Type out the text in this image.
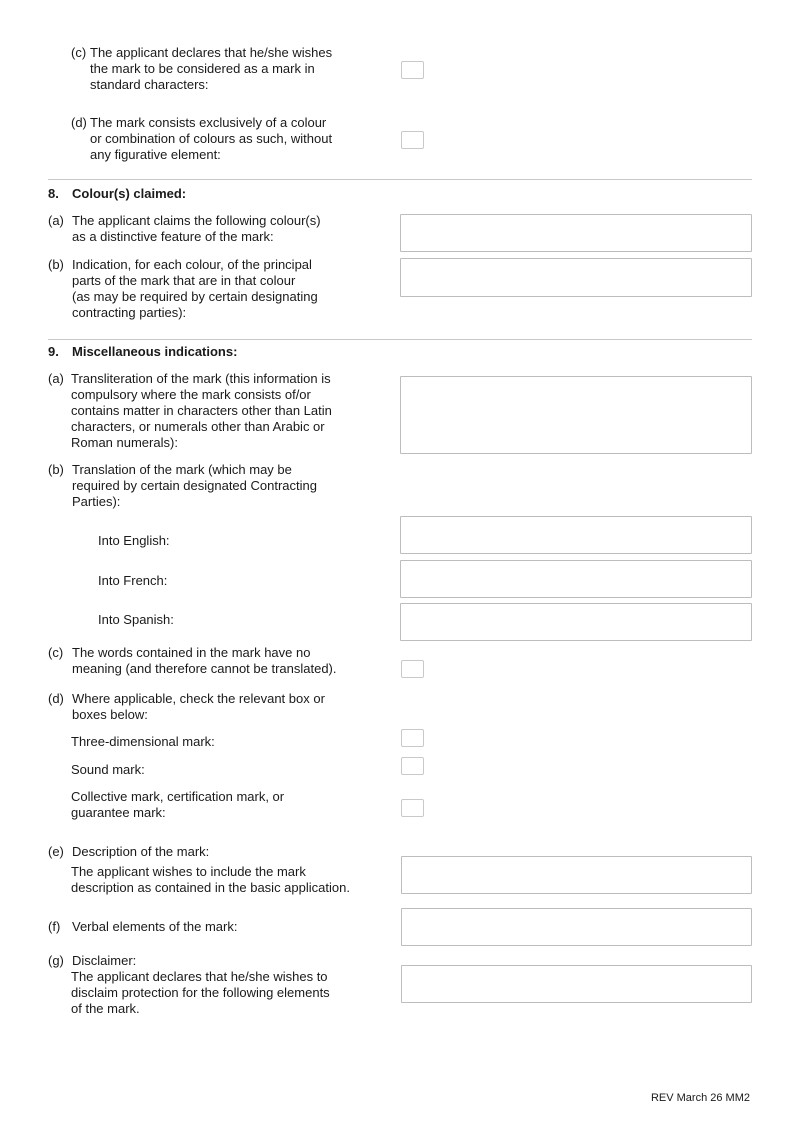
(c) The applicant declares that he/she wishes
the mark to be considered as a mark in
standard characters:
(d) The mark consists exclusively of a colour
or combination of colours as such, without
any figurative element:
8. Colour(s) claimed:
(a) The applicant claims the following colour(s)
as a distinctive feature of the mark:
(b) Indication, for each colour, of the principal
parts of the mark that are in that colour
(as may be required by certain designating
contracting parties):
9. Miscellaneous indications:
(a) Transliteration of the mark (this information is
compulsory where the mark consists of/or
contains matter in characters other than Latin
characters, or numerals other than Arabic or
Roman numerals):
(b) Translation of the mark (which may be
required by certain designated Contracting
Parties):
Into English:
Into French:
Into Spanish:
(c) The words contained in the mark have no
meaning (and therefore cannot be translated).
(d) Where applicable, check the relevant box or
boxes below:
Three-dimensional mark:
Sound mark:
Collective mark, certification mark, or
guarantee mark:
(e) Description of the mark:
The applicant wishes to include the mark
description as contained in the basic application.
(f) Verbal elements of the mark:
(g) Disclaimer:
The applicant declares that he/she wishes to
disclaim protection for the following elements
of the mark.
REV March 26 MM2
